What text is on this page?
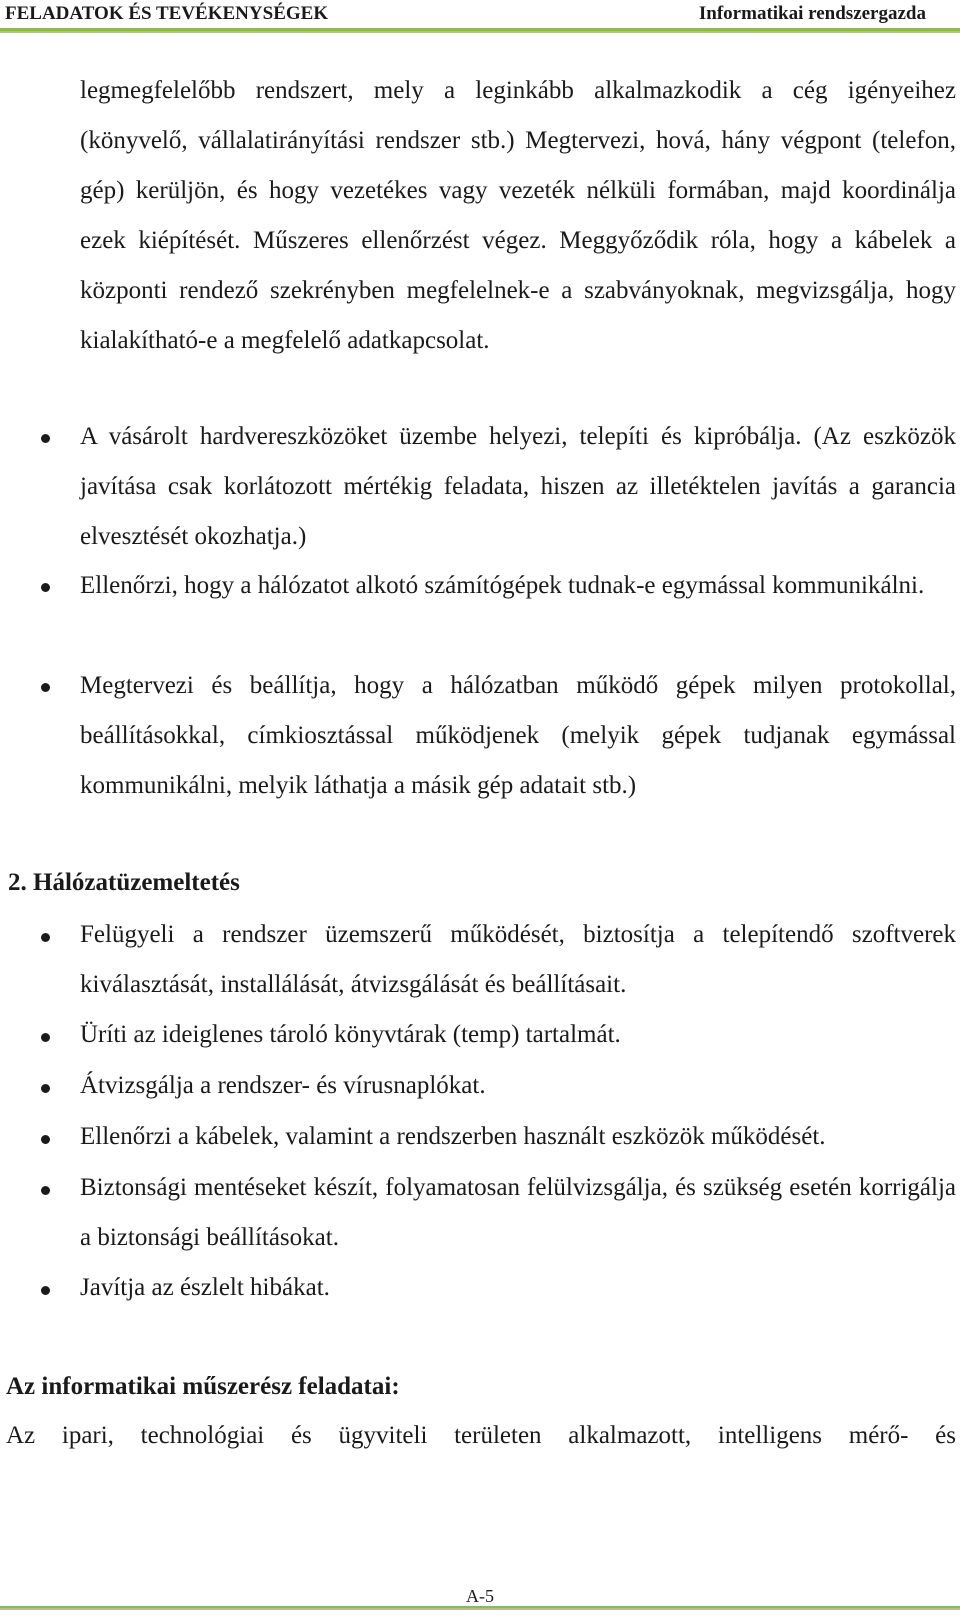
FELADATOK ÉS TEVÉKENYSÉGEK	Informatikai rendszergazda

legmegfelelőbb rendszert, mely a leginkább alkalmazkodik a cég igényeihez (könyvelő, vállalatirányítási rendszer stb.) Megtervezi, hová, hány végpont (telefon, gép) kerüljön, és hogy vezetékes vagy vezeték nélküli formában, majd koordinálja ezek kiépítését. Műszeres ellenőrzést végez. Meggyőződik róla, hogy a kábelek a központi rendező szekrényben megfelelnek-e a szabványoknak, megvizsgálja, hogy kialakítható-e a megfelelő adatkapcsolat.

A vásárolt hardvereszközöket üzembe helyezi, telepíti és kipróbálja. (Az eszközök javítása csak korlátozott mértékig feladata, hiszen az illetéktelen javítás a garancia elvesztését okozhatja.)

Ellenőrzi, hogy a hálózatot alkotó számítógépek tudnak-e egymással kommunikálni.

Megtervezi és beállítja, hogy a hálózatban működő gépek milyen protokollal, beállításokkal, címkiosztással működjenek (melyik gépek tudjanak egymással kommunikálni, melyik láthatja a másik gép adatait stb.)

2. Hálózatüzemeltetés

Felügyeli a rendszer üzemszerű működését, biztosítja a telepítendő szoftverek kiválasztását, installálását, átvizsgálását és beállításait.

Üríti az ideiglenes tároló könyvtárak (temp) tartalmát.

Átvizsgálja a rendszer- és vírusnaplókat.

Ellenőrzi a kábelek, valamint a rendszerben használt eszközök működését.

Biztonsági mentéseket készít, folyamatosan felülvizsgálja, és szükség esetén korrigálja a biztonsági beállításokat.

Javítja az észlelt hibákat.

Az informatikai műszerész feladatai:

Az ipari, technológiai és ügyviteli területen alkalmazott, intelligens mérő- és

A-5
